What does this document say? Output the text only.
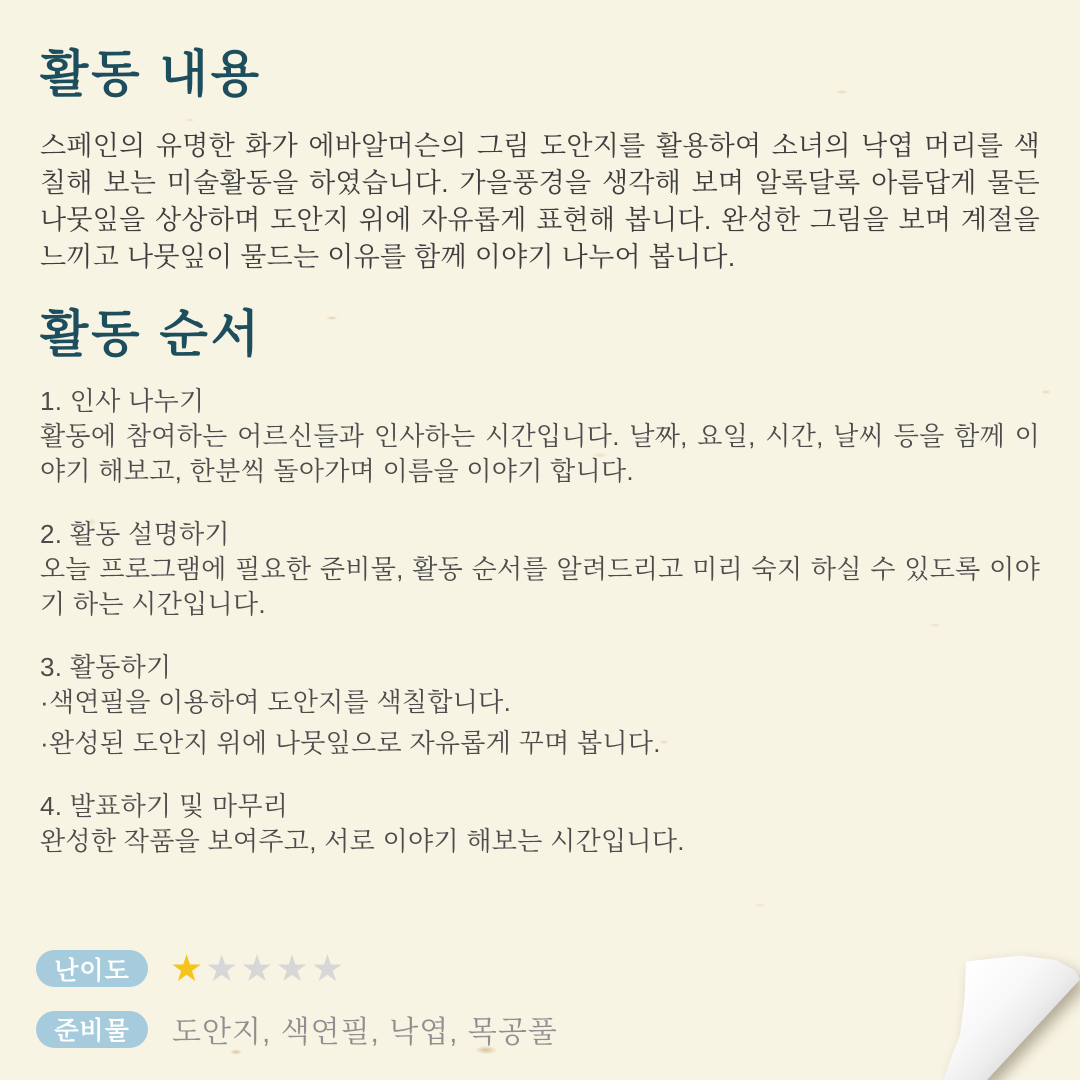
활동 내용

스페인의 유명한 화가 에바알머슨의 그림 도안지를 활용하여 소녀의 낙엽 머리를 색칠해 보는 미술활동을 하였습니다. 가을풍경을 생각해 보며 알록달록 아름답게 물든 나뭇잎을 상상하며 도안지 위에 자유롭게 표현해 봅니다. 완성한 그림을 보며 계절을 느끼고 나뭇잎이 물드는 이유를 함께 이야기 나누어 봅니다.

활동 순서

1. 인사 나누기

활동에 참여하는 어르신들과 인사하는 시간입니다. 날짜, 요일, 시간, 날씨 등을 함께 이야기 해보고, 한분씩 돌아가며 이름을 이야기 합니다.

2. 활동 설명하기

오늘 프로그램에 필요한 준비물, 활동 순서를 알려드리고 미리 숙지 하실 수 있도록 이야기 하는 시간입니다.

3. 활동하기

·색연필을 이용하여 도안지를 색칠합니다.

·완성된 도안지 위에 나뭇잎으로 자유롭게 꾸며 봅니다.

4. 발표하기 및 마무리

완성한 작품을 보여주고, 서로 이야기 해보는 시간입니다.

난이도	★★★★★
준비물	도안지, 색연필, 낙엽, 목공풀
